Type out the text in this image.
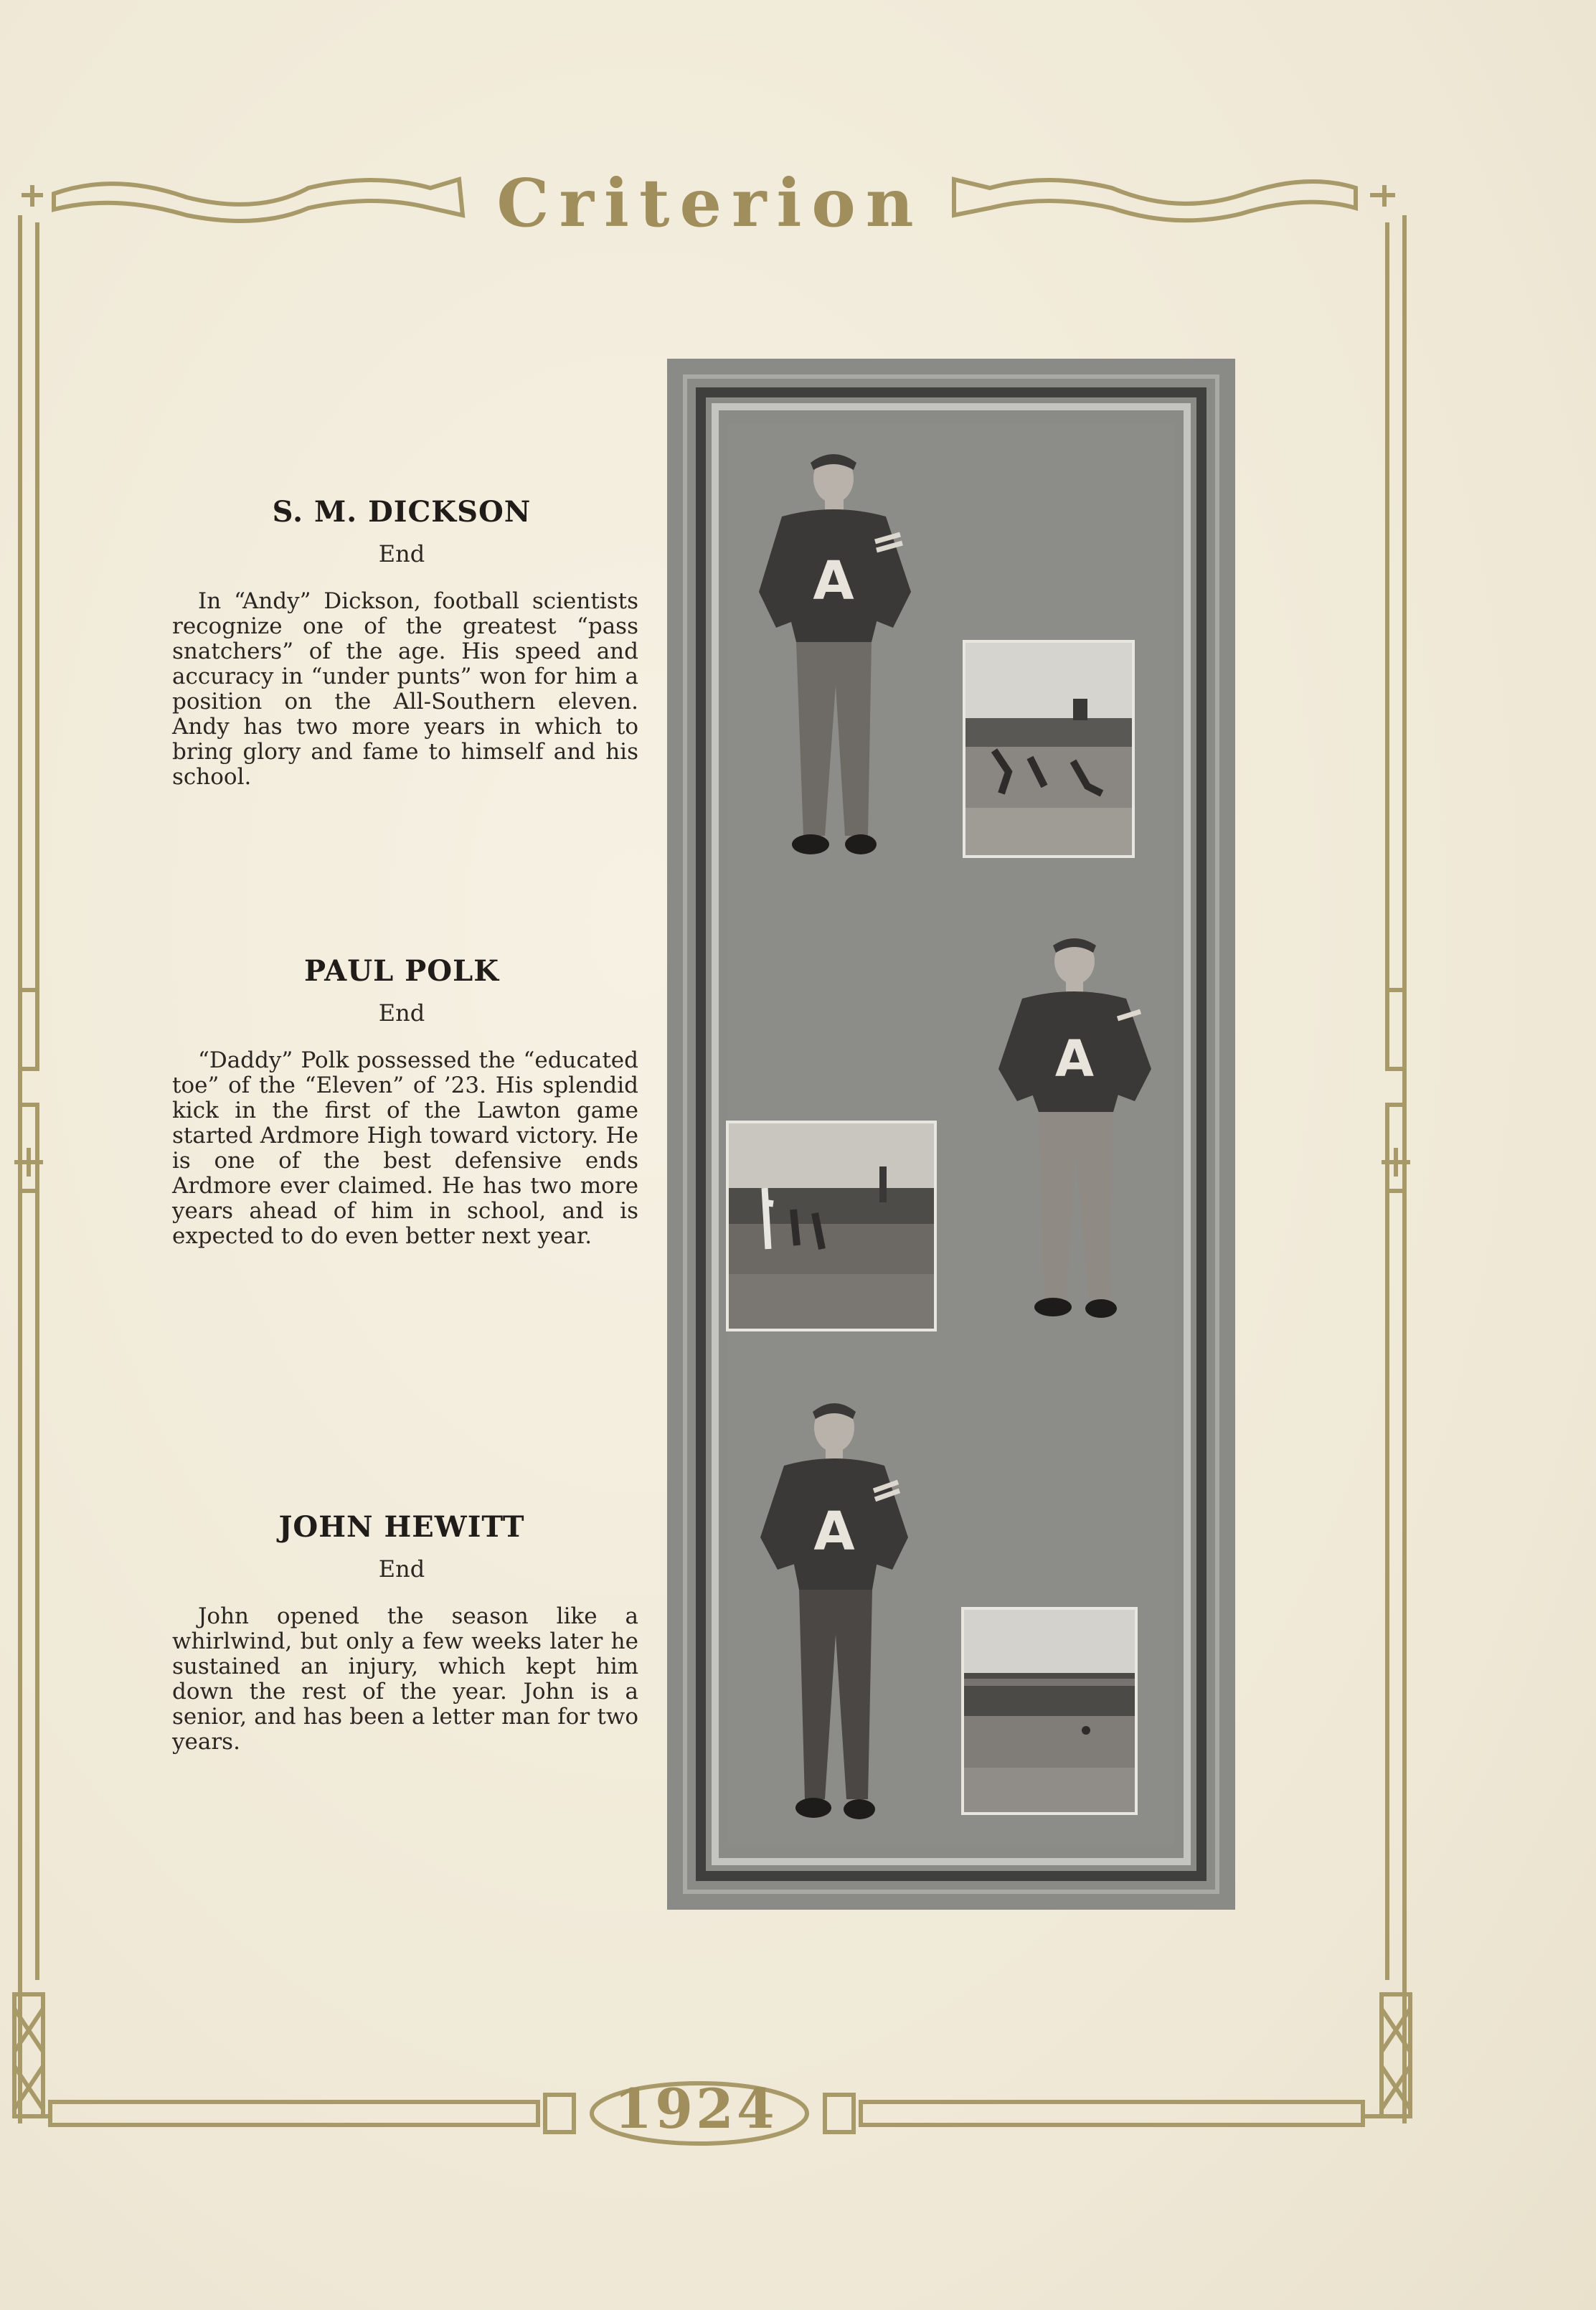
Criterion
1924

S. M. DICKSON

End

In “Andy” Dickson, football scientists recognize one of the greatest “pass snatchers” of the age. His speed and accuracy in “under punts” won for him a position on the All-Southern eleven. Andy has two more years in which to bring glory and fame to himself and his school.

PAUL POLK

End

“Daddy” Polk possessed the “educated toe” of the “Eleven” of ’23. His splendid kick in the first of the Lawton game started Ardmore High toward victory. He is one of the best defensive ends Ardmore ever claimed. He has two more years ahead of him in school, and is expected to do even better next year.

JOHN HEWITT

End

John opened the season like a whirlwind, but only a few weeks later he sustained an injury, which kept him down the rest of the year. John is a senior, and has been a letter man for two years.

A
A
A
